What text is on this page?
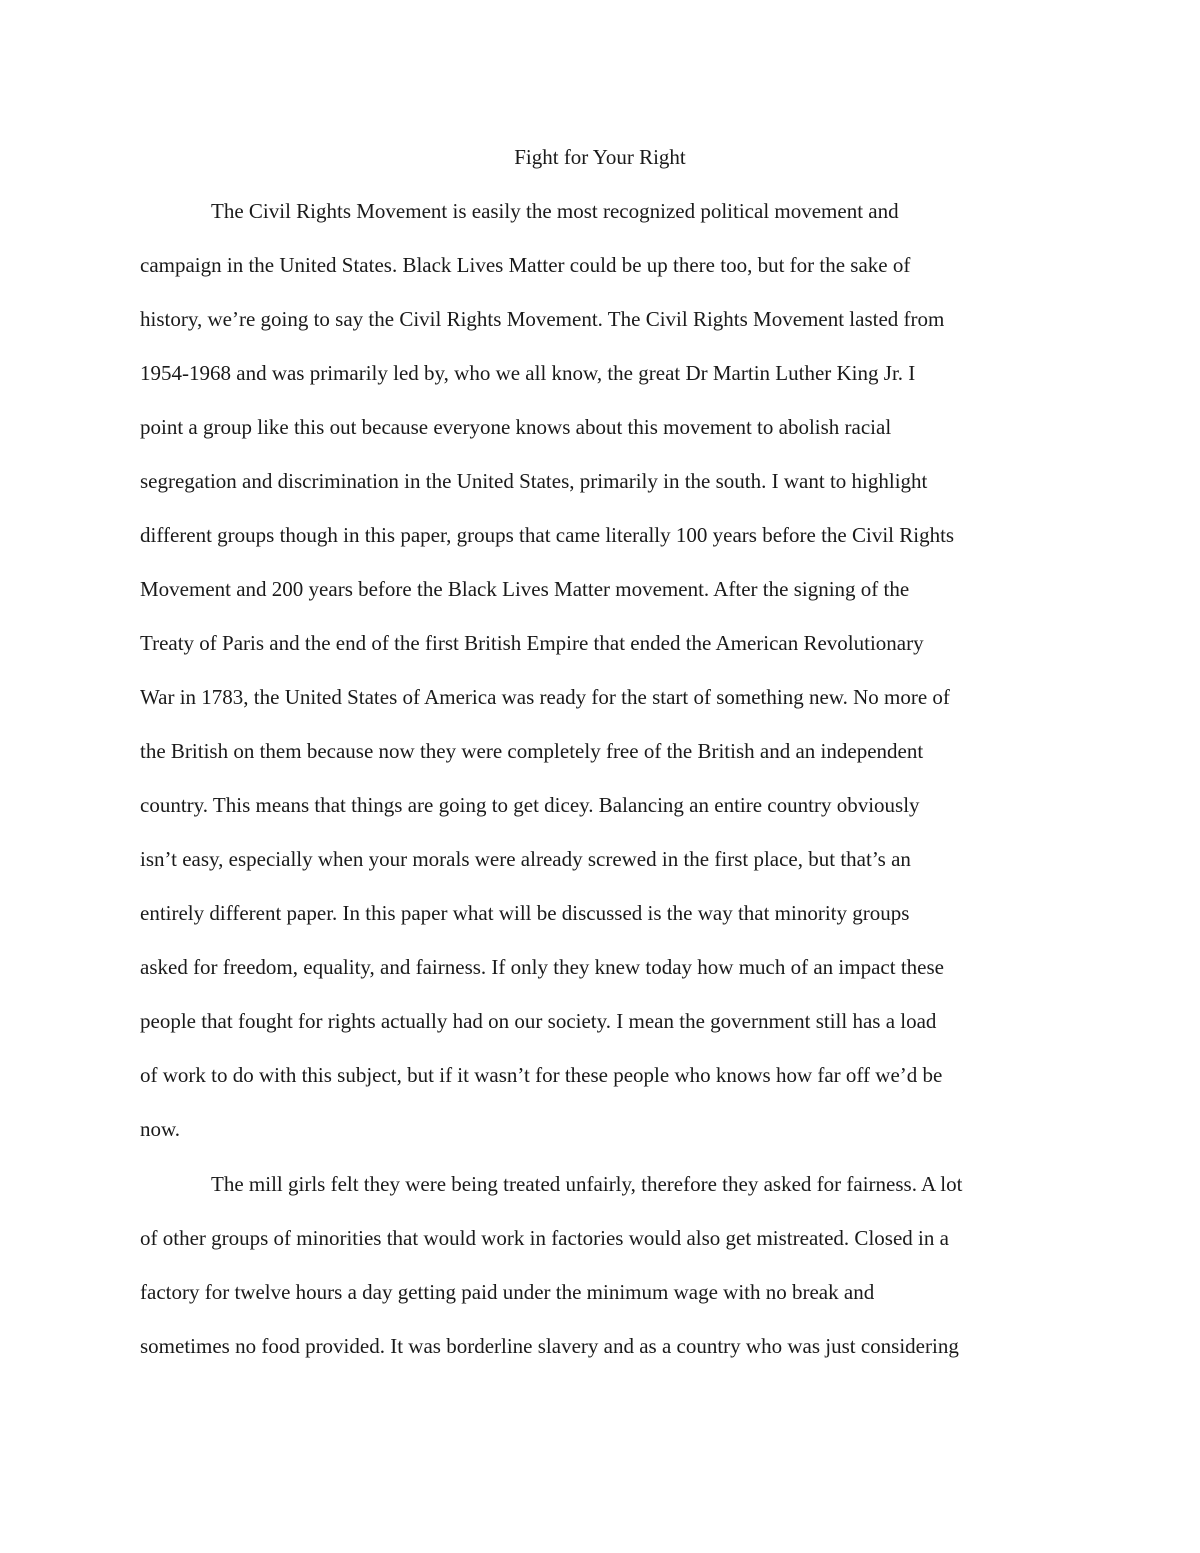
Fight for Your Right
The Civil Rights Movement is easily the most recognized political movement and
campaign in the United States. Black Lives Matter could be up there too, but for the sake of
history, we’re going to say the Civil Rights Movement. The Civil Rights Movement lasted from
1954-1968 and was primarily led by, who we all know, the great Dr Martin Luther King Jr. I
point a group like this out because everyone knows about this movement to abolish racial
segregation and discrimination in the United States, primarily in the south. I want to highlight
different groups though in this paper, groups that came literally 100 years before the Civil Rights
Movement and 200 years before the Black Lives Matter movement. After the signing of the
Treaty of Paris and the end of the first British Empire that ended the American Revolutionary
War in 1783, the United States of America was ready for the start of something new. No more of
the British on them because now they were completely free of the British and an independent
country. This means that things are going to get dicey. Balancing an entire country obviously
isn’t easy, especially when your morals were already screwed in the first place, but that’s an
entirely different paper. In this paper what will be discussed is the way that minority groups
asked for freedom, equality, and fairness. If only they knew today how much of an impact these
people that fought for rights actually had on our society. I mean the government still has a load
of work to do with this subject, but if it wasn’t for these people who knows how far off we’d be
now.
The mill girls felt they were being treated unfairly, therefore they asked for fairness. A lot
of other groups of minorities that would work in factories would also get mistreated. Closed in a
factory for twelve hours a day getting paid under the minimum wage with no break and
sometimes no food provided. It was borderline slavery and as a country who was just considering
